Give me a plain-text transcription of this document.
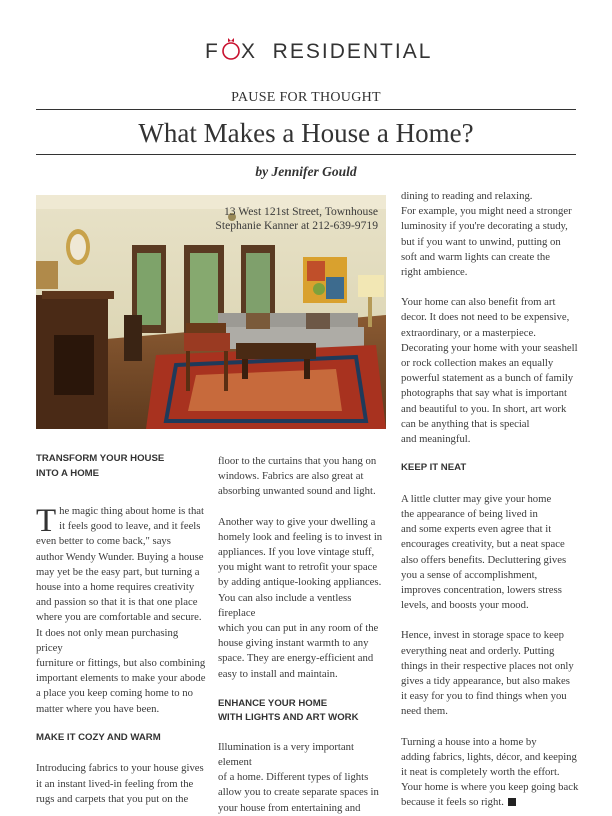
F X  RESIDENTIAL
PAUSE FOR THOUGHT
What Makes a House a Home?
by Jennifer Gould
13 West 121st Street, Townhouse
Stephanie Kanner at 212-639-9719
TRANSFORM YOUR HOUSE
INTO A HOME
T he magic thing about home is that
it feels good to leave, and it feels
even better to come back," says
author Wendy Wunder. Buying a house
may yet be the easy part, but turning a
house into a home requires creativity
and passion so that it is that one place
where you are comfortable and secure.
It does not only mean purchasing pricey
furniture or fittings, but also combining
important elements to make your abode
a place you keep coming home to no
matter where you have been.
MAKE IT COZY AND WARM
Introducing fabrics to your house gives
it an instant lived-in feeling from the
rugs and carpets that you put on the
floor to the curtains that you hang on
windows. Fabrics are also great at
absorbing unwanted sound and light.
Another way to give your dwelling a
homely look and feeling is to invest in
appliances. If you love vintage stuff,
you might want to retrofit your space
by adding antique-looking appliances.
You can also include a ventless fireplace
which you can put in any room of the
house giving instant warmth to any
space. They are energy-efficient and
easy to install and maintain.
ENHANCE YOUR HOME
WITH LIGHTS AND ART WORK
Illumination is a very important element
of a home. Different types of lights
allow you to create separate spaces in
your house from entertaining and
dining to reading and relaxing.
For example, you might need a stronger
luminosity if you're decorating a study,
but if you want to unwind, putting on
soft and warm lights can create the
right ambience.
Your home can also benefit from art
decor. It does not need to be expensive,
extraordinary, or a masterpiece.
Decorating your home with your seashell
or rock collection makes an equally
powerful statement as a bunch of family
photographs that say what is important
and beautiful to you. In short, art work
can be anything that is special
and meaningful.
KEEP IT NEAT
A little clutter may give your home
the appearance of being lived in
and some experts even agree that it
encourages creativity, but a neat space
also offers benefits. Decluttering gives
you a sense of accomplishment,
improves concentration, lowers stress
levels, and boosts your mood.
Hence, invest in storage space to keep
everything neat and orderly. Putting
things in their respective places not only
gives a tidy appearance, but also makes
it easy for you to find things when you
need them.
Turning a house into a home by
adding fabrics, lights, décor, and keeping
it neat is completely worth the effort.
Your home is where you keep going back
because it feels so right.
